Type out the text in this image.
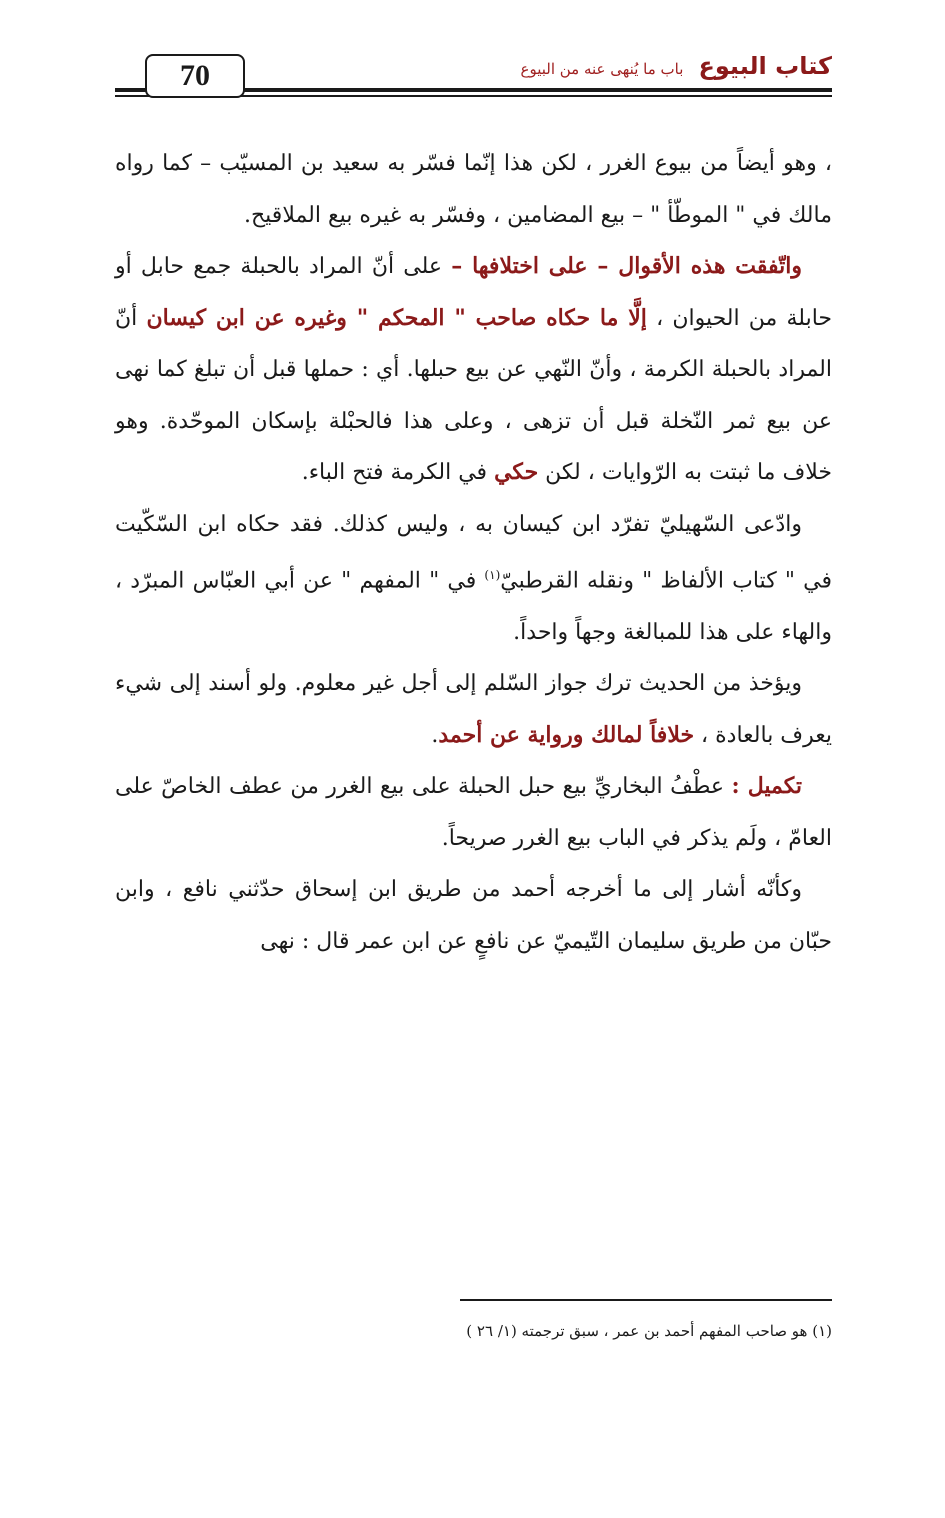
70	كتاب البيوع باب ما يُنهى عنه من البيوع

، وهو أيضاً من بيوع الغرر ، لكن هذا إنّما فسّر به سعيد بن المسيّب – كما رواه مالك في " الموطّأ " – بيع المضامين ، وفسّر به غيره بيع الملاقيح.

واتّفقت هذه الأقوال – على اختلافها – على أنّ المراد بالحبلة جمع حابل أو حابلة من الحيوان ، إلَّا ما حكاه صاحب " المحكم " وغيره عن ابن كيسان أنّ المراد بالحبلة الكرمة ، وأنّ النّهي عن بيع حبلها. أي : حملها قبل أن تبلغ كما نهى عن بيع ثمر النّخلة قبل أن تزهى ، وعلى هذا فالحبْلة بإسكان الموحّدة. وهو خلاف ما ثبتت به الرّوايات ، لكن حكي في الكرمة فتح الباء.

وادّعى السّهيليّ تفرّد ابن كيسان به ، وليس كذلك. فقد حكاه ابن السّكّيت في " كتاب الألفاظ " ونقله القرطبيّ$^{(١)}$ في " المفهم " عن أبي العبّاس المبرّد ، والهاء على هذا للمبالغة وجهاً واحداً.

ويؤخذ من الحديث ترك جواز السّلم إلى أجل غير معلوم. ولو أسند إلى شيء يعرف بالعادة ، خلافاً لمالك ورواية عن أحمد.

تكميل : عطْفُ البخاريِّ بيع حبل الحبلة على بيع الغرر من عطف الخاصّ على العامّ ، ولَم يذكر في الباب بيع الغرر صريحاً.

وكأنّه أشار إلى ما أخرجه أحمد من طريق ابن إسحاق حدّثني نافع ، وابن حبّان من طريق سليمان التّيميّ عن نافعٍ عن ابن عمر قال : نهى

(١) هو صاحب المفهم أحمد بن عمر ، سبق ترجمته (١/ ٢٦ )
